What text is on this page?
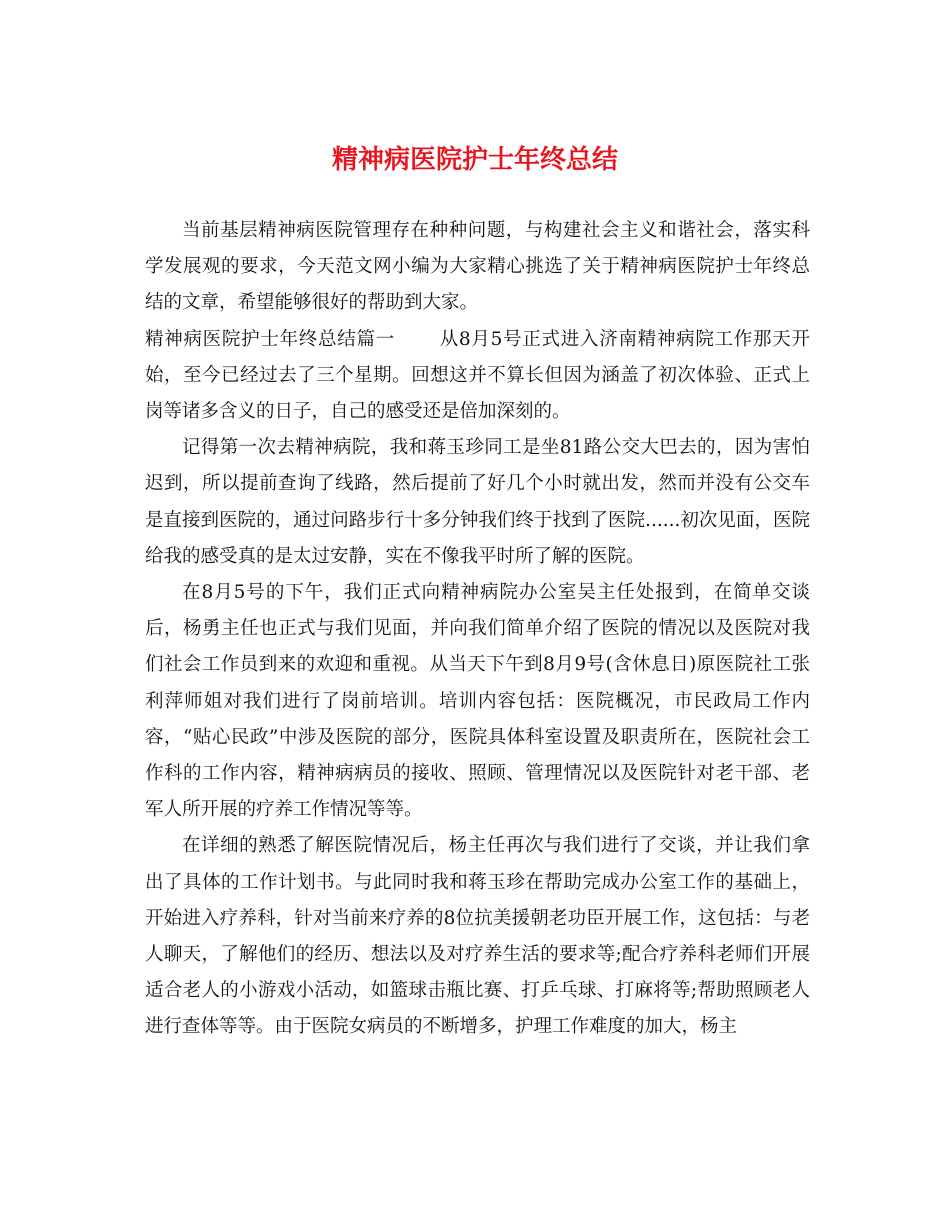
精神病医院护士年终总结

当前基层精神病医院管理存在种种问题，与构建社会主义和谐社会，落实科学发展观的要求，今天范文网小编为大家精心挑选了关于精神病医院护士年终总结的文章，希望能够很好的帮助到大家。

精神病医院护士年终总结篇一 从8月5号正式进入济南精神病院工作那天开始，至今已经过去了三个星期。回想这并不算长但因为涵盖了初次体验、正式上岗等诸多含义的日子，自己的感受还是倍加深刻的。

记得第一次去精神病院，我和蒋玉珍同工是坐81路公交大巴去的，因为害怕迟到，所以提前查询了线路，然后提前了好几个小时就出发，然而并没有公交车是直接到医院的，通过问路步行十多分钟我们终于找到了医院......初次见面，医院给我的感受真的是太过安静，实在不像我平时所了解的医院。

在8月5号的下午，我们正式向精神病院办公室吴主任处报到，在简单交谈后，杨勇主任也正式与我们见面，并向我们简单介绍了医院的情况以及医院对我们社会工作员到来的欢迎和重视。从当天下午到8月9号(含休息日)原医院社工张利萍师姐对我们进行了岗前培训。培训内容包括：医院概况，市民政局工作内容，“贴心民政”中涉及医院的部分，医院具体科室设置及职责所在，医院社会工作科的工作内容，精神病病员的接收、照顾、管理情况以及医院针对老干部、老军人所开展的疗养工作情况等等。

在详细的熟悉了解医院情况后，杨主任再次与我们进行了交谈，并让我们拿出了具体的工作计划书。与此同时我和蒋玉珍在帮助完成办公室工作的基础上，开始进入疗养科，针对当前来疗养的8位抗美援朝老功臣开展工作，这包括：与老人聊天，了解他们的经历、想法以及对疗养生活的要求等;配合疗养科老师们开展适合老人的小游戏小活动，如篮球击瓶比赛、打乒乓球、打麻将等;帮助照顾老人进行查体等等。由于医院女病员的不断增多，护理工作难度的加大，杨主
